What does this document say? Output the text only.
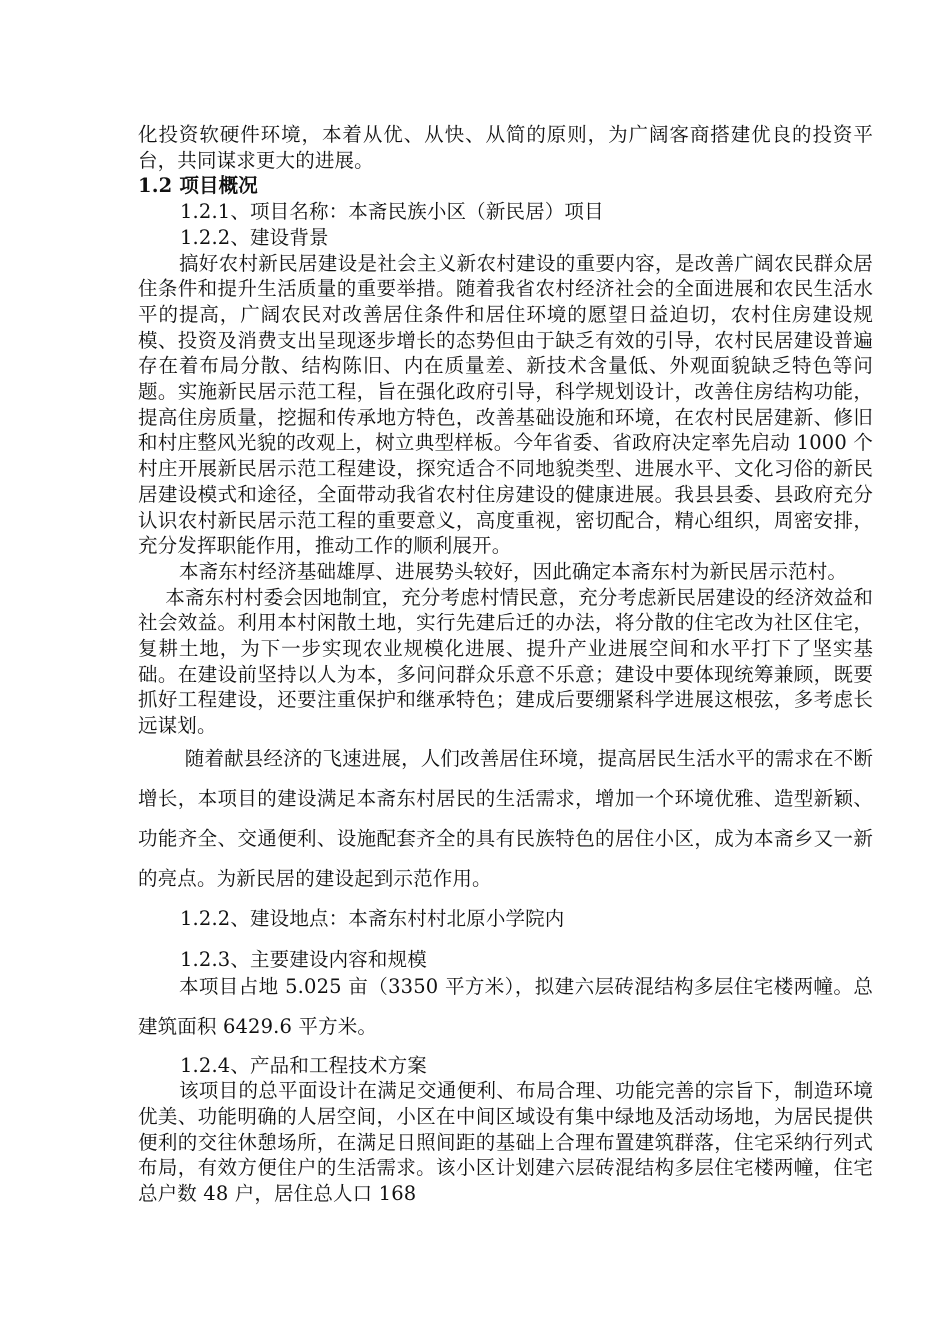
化投资软硬件环境，本着从优、从快、从简的原则，为广阔客商搭建优良的投资平台，共同谋求更大的进展。

1.2 项目概况

1.2.1、项目名称：本斋民族小区（新民居）项目

1.2.2、建设背景

搞好农村新民居建设是社会主义新农村建设的重要内容，是改善广阔农民群众居住条件和提升生活质量的重要举措。随着我省农村经济社会的全面进展和农民生活水平的提高，广阔农民对改善居住条件和居住环境的愿望日益迫切，农村住房建设规模、投资及消费支出呈现逐步增长的态势但由于缺乏有效的引导，农村民居建设普遍存在着布局分散、结构陈旧、内在质量差、新技术含量低、外观面貌缺乏特色等问题。实施新民居示范工程，旨在强化政府引导，科学规划设计，改善住房结构功能，提高住房质量，挖掘和传承地方特色，改善基础设施和环境，在农村民居建新、修旧和村庄整风光貌的改观上，树立典型样板。今年省委、省政府决定率先启动 1000 个村庄开展新民居示范工程建设，探究适合不同地貌类型、进展水平、文化习俗的新民居建设模式和途径，全面带动我省农村住房建设的健康进展。我县县委、县政府充分认识农村新民居示范工程的重要意义，高度重视，密切配合，精心组织，周密安排，充分发挥职能作用，推动工作的顺利展开。

本斋东村经济基础雄厚、进展势头较好，因此确定本斋东村为新民居示范村。

本斋东村村委会因地制宜，充分考虑村情民意，充分考虑新民居建设的经济效益和社会效益。利用本村闲散土地，实行先建后迁的办法，将分散的住宅改为社区住宅，复耕土地，为下一步实现农业规模化进展、提升产业进展空间和水平打下了坚实基础。在建设前坚持以人为本，多问问群众乐意不乐意；建设中要体现统筹兼顾，既要抓好工程建设，还要注重保护和继承特色；建成后要绷紧科学进展这根弦，多考虑长远谋划。

随着献县经济的飞速进展，人们改善居住环境，提高居民生活水平的需求在不断增长，本项目的建设满足本斋东村居民的生活需求，增加一个环境优雅、造型新颖、功能齐全、交通便利、设施配套齐全的具有民族特色的居住小区，成为本斋乡又一新的亮点。为新民居的建设起到示范作用。

1.2.2、建设地点：本斋东村村北原小学院内

1.2.3、主要建设内容和规模

本项目占地 5.025 亩（3350 平方米），拟建六层砖混结构多层住宅楼两幢。总建筑面积 6429.6 平方米。

1.2.4、产品和工程技术方案

该项目的总平面设计在满足交通便利、布局合理、功能完善的宗旨下，制造环境优美、功能明确的人居空间，小区在中间区域设有集中绿地及活动场地，为居民提供便利的交往休憩场所，在满足日照间距的基础上合理布置建筑群落，住宅采纳行列式布局，有效方便住户的生活需求。该小区计划建六层砖混结构多层住宅楼两幢，住宅总户数 48 户，居住总人口 168
